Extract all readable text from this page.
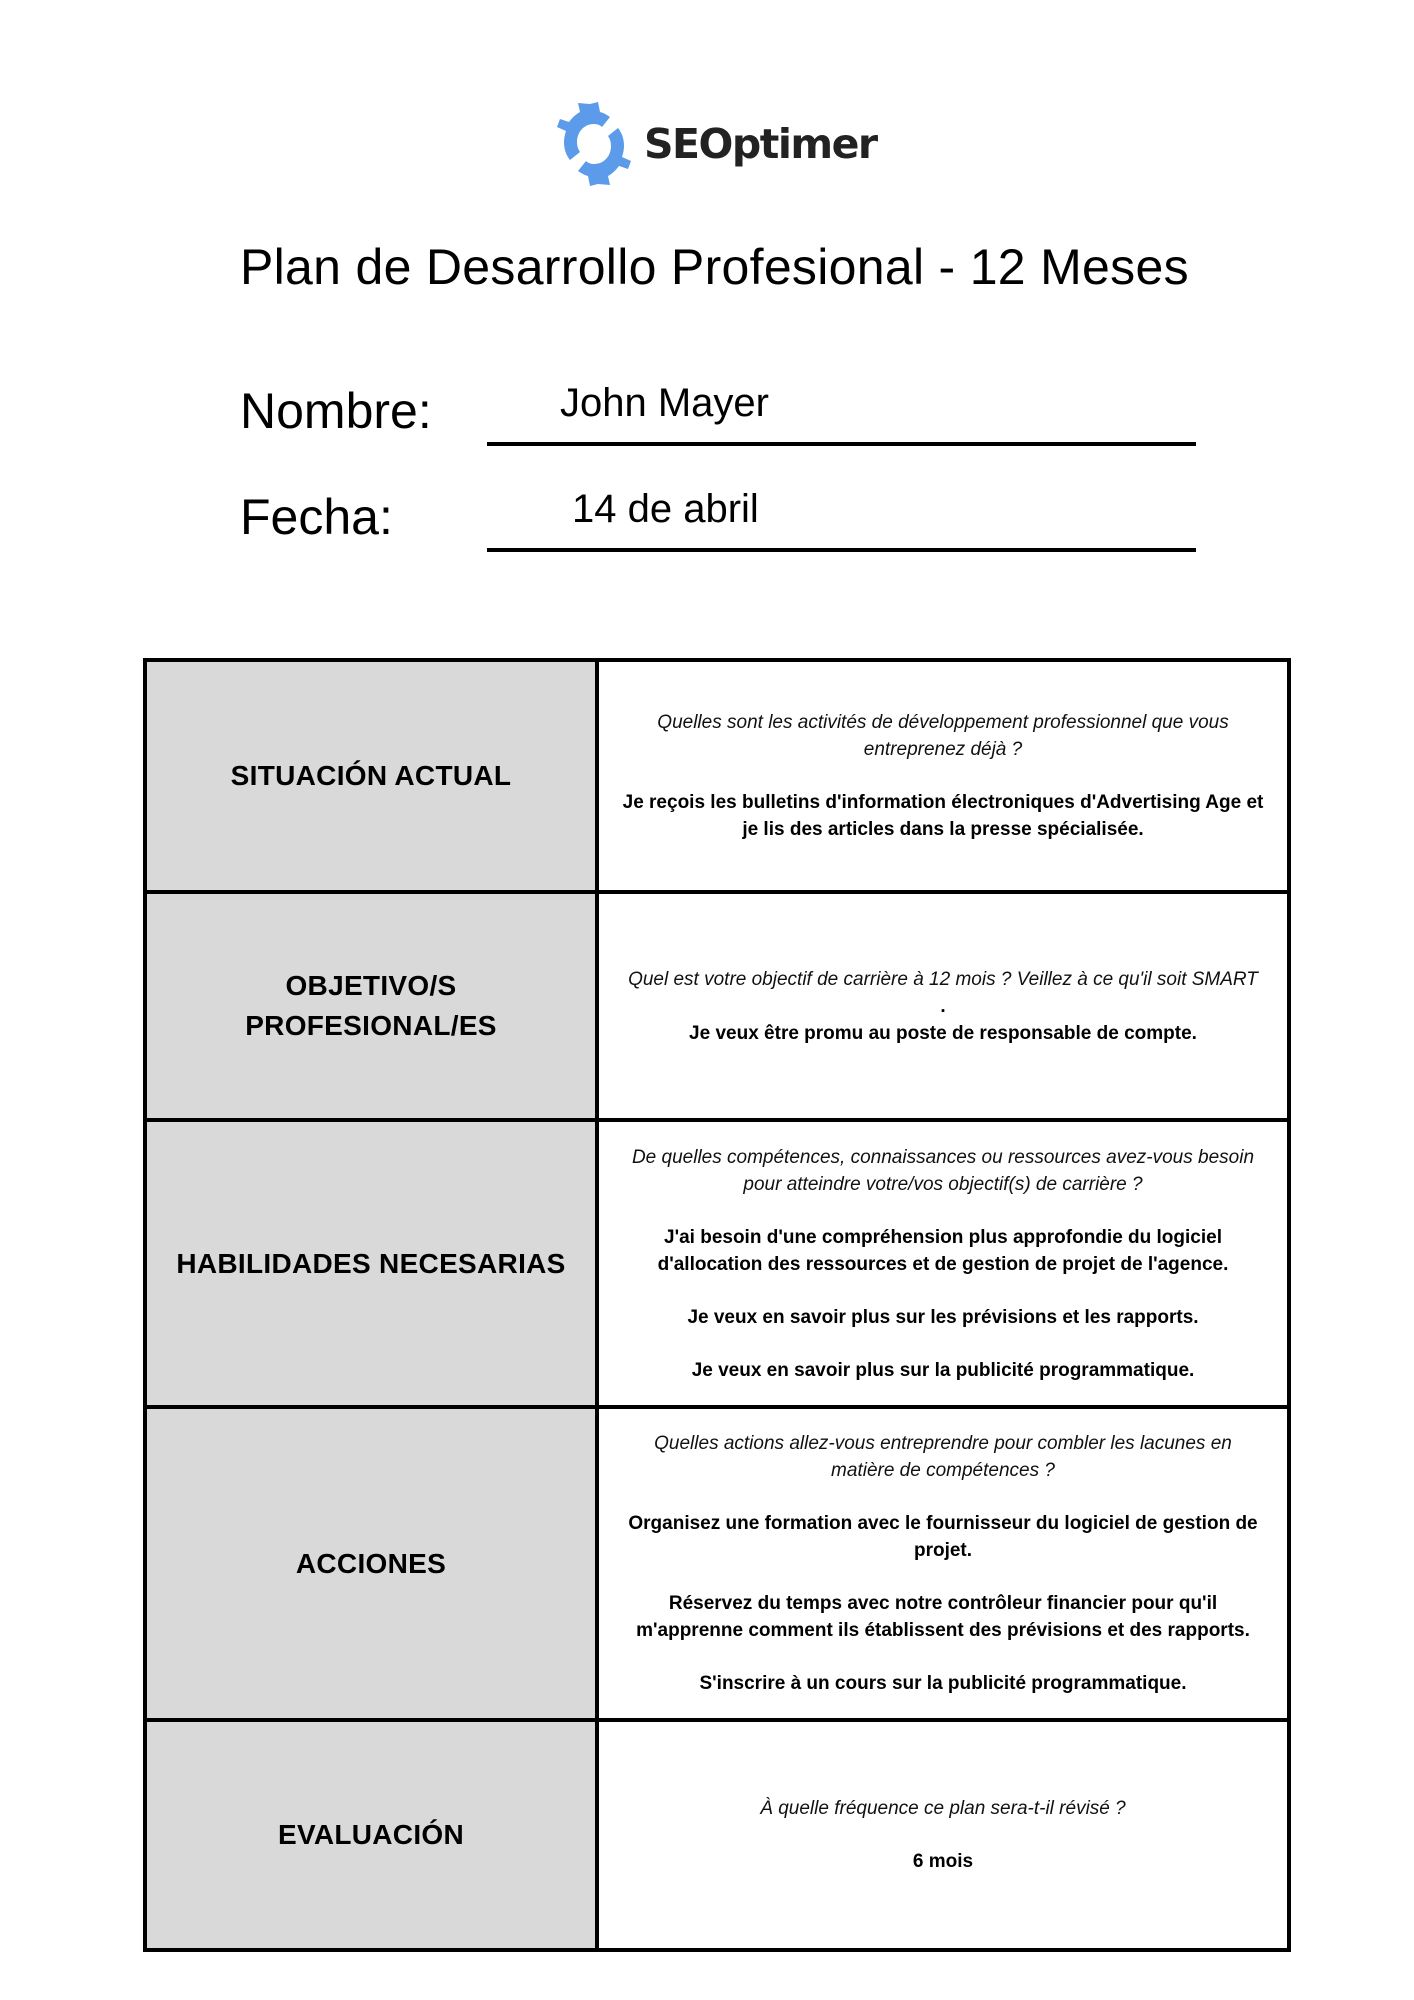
SEOptimer
Plan de Desarrollo Profesional - 12 Meses
Nombre:	John Mayer
Fecha:	14 de abril
SITUACIÓN ACTUAL	Quelles sont les activités de développement professionnel que vous entreprenez déjà ?

Je reçois les bulletins d'information électroniques d'Advertising Age et je lis des articles dans la presse spécialisée.

OBJETIVO/S PROFESIONAL/ES	Quel est votre objectif de carrière à 12 mois ? Veillez à ce qu'il soit SMART

.

Je veux être promu au poste de responsable de compte.

HABILIDADES NECESARIAS	De quelles compétences, connaissances ou ressources avez-vous besoin pour atteindre votre/vos objectif(s) de carrière ?

J'ai besoin d'une compréhension plus approfondie du logiciel d'allocation des ressources et de gestion de projet de l'agence.

Je veux en savoir plus sur les prévisions et les rapports.

Je veux en savoir plus sur la publicité programmatique.

ACCIONES	Quelles actions allez-vous entreprendre pour combler les lacunes en matière de compétences ?

Organisez une formation avec le fournisseur du logiciel de gestion de projet.

Réservez du temps avec notre contrôleur financier pour qu'il m'apprenne comment ils établissent des prévisions et des rapports.

S'inscrire à un cours sur la publicité programmatique.

EVALUACIÓN	À quelle fréquence ce plan sera-t-il révisé ?

6 mois
